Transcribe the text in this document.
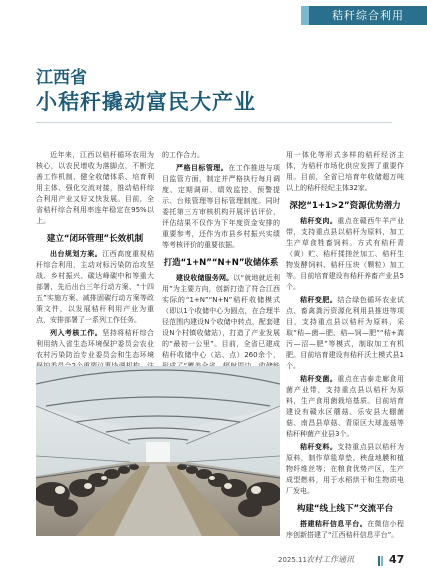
秸秆综合利用
江西省
小秸秆撬动富民大产业

近年来，江西以秸秆循环农用为核心，以农民增收为落脚点，不断完善工作机制、健全收储体系、培育利用主体、强化交流对接，推动秸秆综合利用产业又好又快发展。目前，全省秸秆综合利用率连年稳定在95%以上。

建立“闭环管理”长效机制

出台规划方案。江西高度重视秸秆综合利用，主动对标污染防治攻坚战、乡村振兴、碳达峰碳中和等重大部署，先后出台三年行动方案、“十四五”实施方案、减排固碳行动方案等政策文件，以发展秸秆利用产业为重点，安排部署了一系列工作任务。

列入考核工作。坚持将秸秆综合利用纳入省生态环境保护委员会农业农村污染防治专业委员会和生态环境

的工作合力。

严格目标管理。在工作推进与项目监管方面，制定并严格执行每月调度、定期调研、绩效监控、预警提示、台账管理等目标管理制度。同时委托第三方审核机构开展评估评价，评估结果不仅作为下年度资金安排的重要参考，还作为市县乡村振兴实绩等考核评价的重要依据。

打造“1+N”“N+N”收储体系

建设收储服务网。以“就地就近利用”为主要方向，创新打造了符合江西实际的“1+N”“N+N”秸秆收储模式（即以1个收储中心为圆点，在合理半径范围内建设N个收储中转点，配套建设N个村镇收储站），打造了产业发展的“最初一公里”。目前，全省已建成秸秆收储中心（站、点）260余个，

用一体化等形式多样的秸秆经济主体，为秸秆市场化供应发挥了重要作用。目前，全省已培育年收储超万吨以上的秸秆经纪主体32家。

深挖“1+1>2”资源优势潜力

秸秆变肉。重点在赣西牛羊产业带，支持重点县以秸秆为原料，加工生产草食牲畜饲料。方式有秸秆青（黄）贮、秸秆揉搓丝加工、秸秆生物发酵饲料、秸秆压块（颗粒）加工等。目前培育建设有秸秆养畜产业县5个。

秸秆变肥。结合绿色循环农业试点、畜禽粪污资源化利用县推进等项目，支持重点县以秸秆为原料，采取“秸—菌—肥、秸—饲—肥”“秸+粪污—沼—肥”等模式，制取加工有机肥。目前培育建设有秸秆沃土模式县1个。

秸秆变菌。重点在吉泰走廊食用菌产业带，支持重点县以秸秆为原料，生产食用菌栽培基质。目前培育建设有赣水区蘑菇、乐安县大棚菌菇、南昌县草菇、青原区大球盖菇等秸秆种菌产业县3个。

秸秆变料。支持重点县以秸秆为原料，制作草毯草垫、秧盘地膜和植物纤维丝等；在粮食优势产区，生产成型燃料，用于水稻烘干和生物质电厂发电。

构建“线上线下”交流平台

搭建秸秆信息平台。在微信小程序创新搭建了“江西秸秆信息平台”。

2025.11 农村工作通讯	47
